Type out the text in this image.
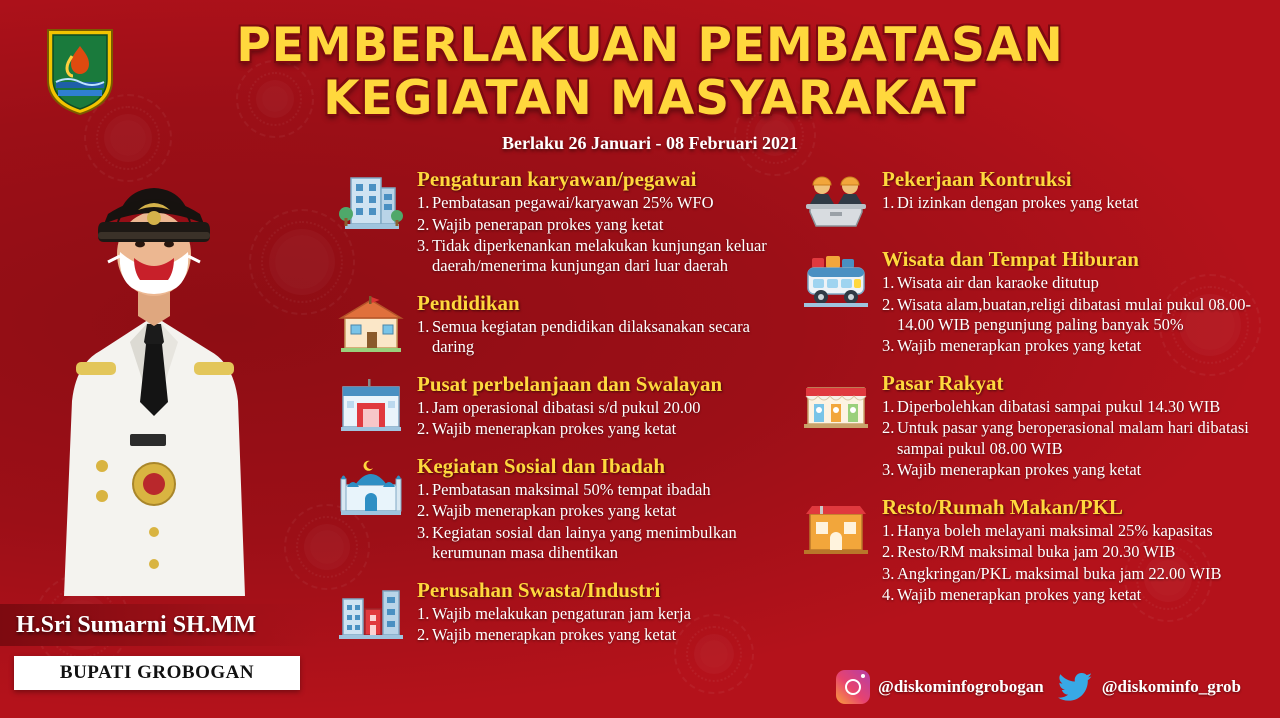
PEMBERLAKUAN PEMBATASAN
KEGIATAN MASYARAKAT
Berlaku 26 Januari - 08 Februari 2021
H.Sri Sumarni SH.MM
BUPATI GROBOGAN
Pengaturan karyawan/pegawai
Pembatasan pegawai/karyawan 25% WFO
Wajib penerapan prokes yang ketat
Tidak diperkenankan melakukan kunjungan keluar daerah/menerima kunjungan dari luar daerah
Pendidikan
Semua kegiatan pendidikan dilaksanakan secara daring
Pusat perbelanjaan dan Swalayan
Jam operasional dibatasi s/d pukul 20.00
Wajib menerapkan prokes yang ketat
Kegiatan Sosial dan Ibadah
Pembatasan maksimal 50% tempat ibadah
Wajib menerapkan prokes yang ketat
Kegiatan sosial dan lainya yang menimbulkan kerumunan masa dihentikan
Perusahan Swasta/Industri
Wajib melakukan pengaturan jam kerja
Wajib menerapkan prokes yang ketat
Pekerjaan Kontruksi
Di izinkan dengan prokes yang ketat
Wisata dan Tempat Hiburan
Wisata air dan karaoke ditutup
Wisata alam,buatan,religi dibatasi mulai pukul 08.00-14.00 WIB pengunjung paling banyak 50%
Wajib menerapkan prokes yang ketat
Pasar Rakyat
Diperbolehkan dibatasi sampai pukul 14.30 WIB
Untuk pasar yang beroperasional malam hari dibatasi sampai pukul 08.00 WIB
Wajib menerapkan prokes yang ketat
Resto/Rumah Makan/PKL
Hanya boleh melayani maksimal 25% kapasitas
Resto/RM maksimal buka jam 20.30 WIB
Angkringan/PKL maksimal buka jam 22.00 WIB
Wajib menerapkan prokes yang ketat
@diskominfogrobogan	@diskominfo_grob
